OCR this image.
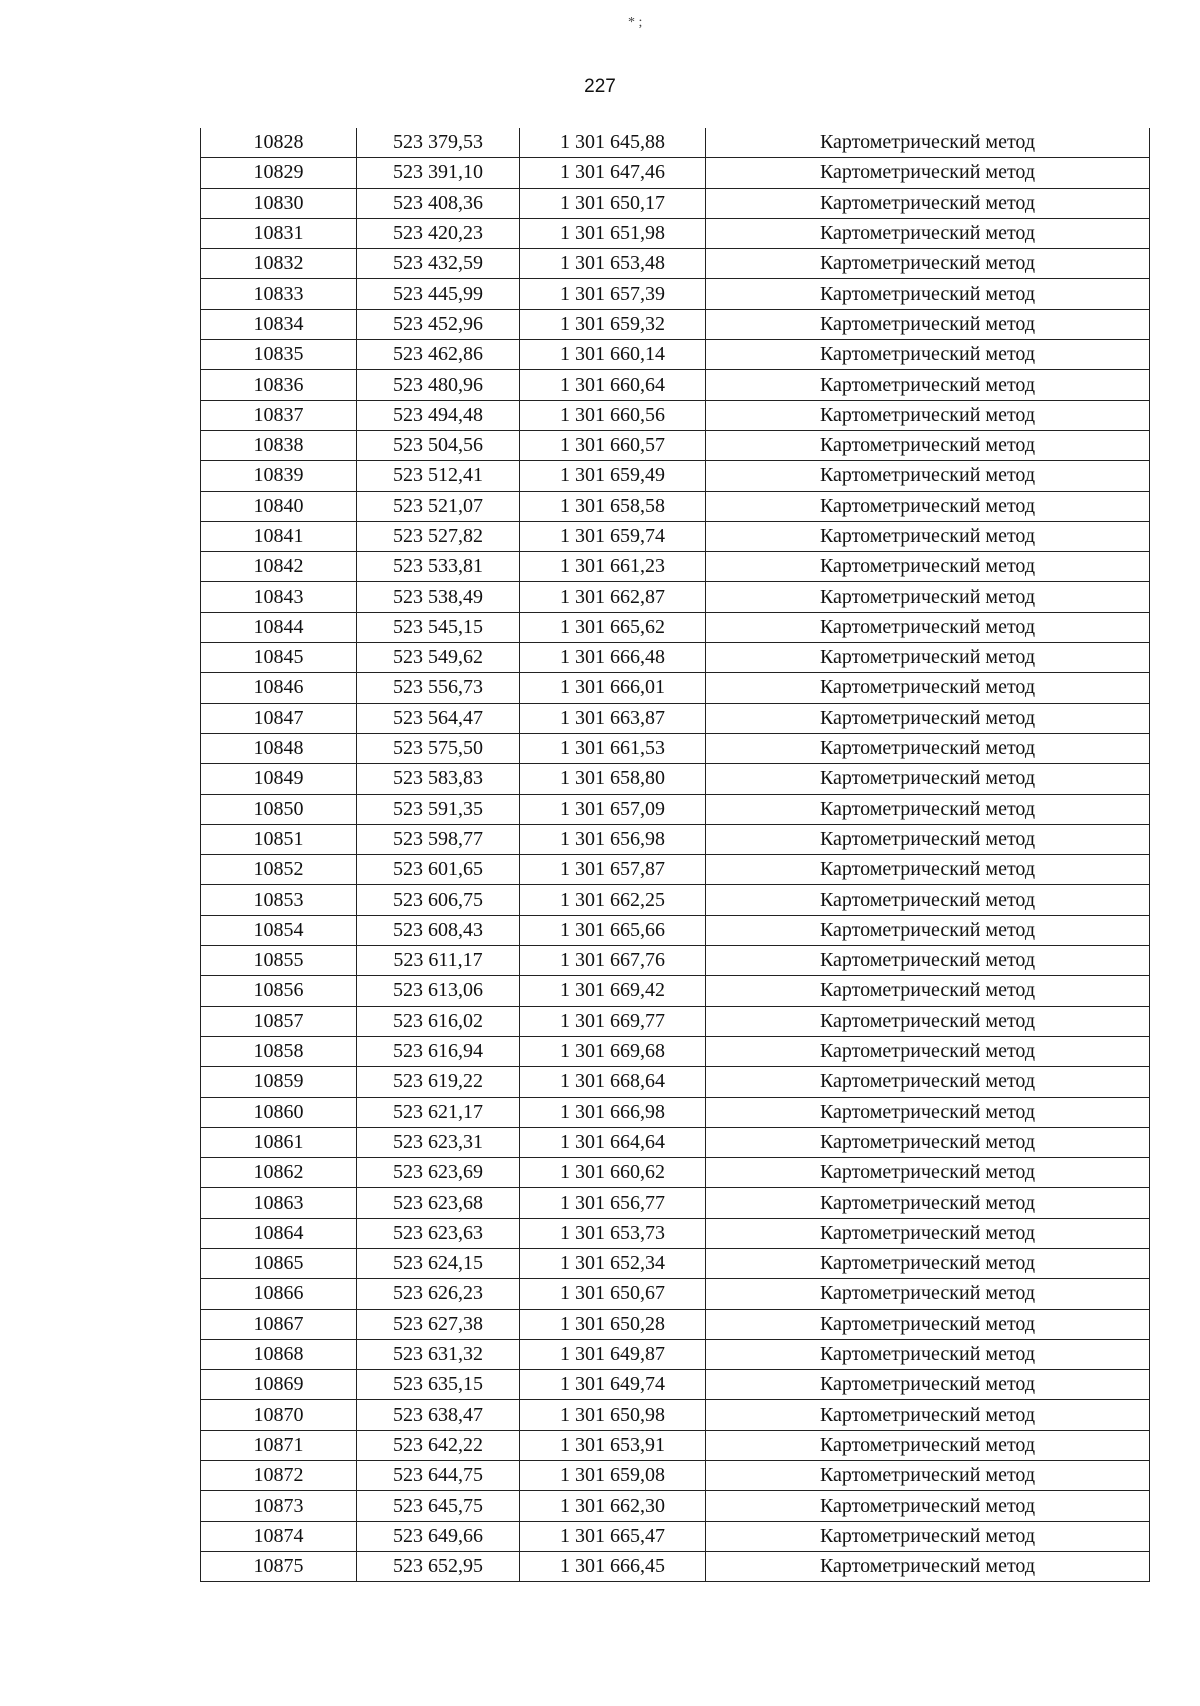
* ;
227
10828	523 379,53	1 301 645,88	Картометрический метод
10829	523 391,10	1 301 647,46	Картометрический метод
10830	523 408,36	1 301 650,17	Картометрический метод
10831	523 420,23	1 301 651,98	Картометрический метод
10832	523 432,59	1 301 653,48	Картометрический метод
10833	523 445,99	1 301 657,39	Картометрический метод
10834	523 452,96	1 301 659,32	Картометрический метод
10835	523 462,86	1 301 660,14	Картометрический метод
10836	523 480,96	1 301 660,64	Картометрический метод
10837	523 494,48	1 301 660,56	Картометрический метод
10838	523 504,56	1 301 660,57	Картометрический метод
10839	523 512,41	1 301 659,49	Картометрический метод
10840	523 521,07	1 301 658,58	Картометрический метод
10841	523 527,82	1 301 659,74	Картометрический метод
10842	523 533,81	1 301 661,23	Картометрический метод
10843	523 538,49	1 301 662,87	Картометрический метод
10844	523 545,15	1 301 665,62	Картометрический метод
10845	523 549,62	1 301 666,48	Картометрический метод
10846	523 556,73	1 301 666,01	Картометрический метод
10847	523 564,47	1 301 663,87	Картометрический метод
10848	523 575,50	1 301 661,53	Картометрический метод
10849	523 583,83	1 301 658,80	Картометрический метод
10850	523 591,35	1 301 657,09	Картометрический метод
10851	523 598,77	1 301 656,98	Картометрический метод
10852	523 601,65	1 301 657,87	Картометрический метод
10853	523 606,75	1 301 662,25	Картометрический метод
10854	523 608,43	1 301 665,66	Картометрический метод
10855	523 611,17	1 301 667,76	Картометрический метод
10856	523 613,06	1 301 669,42	Картометрический метод
10857	523 616,02	1 301 669,77	Картометрический метод
10858	523 616,94	1 301 669,68	Картометрический метод
10859	523 619,22	1 301 668,64	Картометрический метод
10860	523 621,17	1 301 666,98	Картометрический метод
10861	523 623,31	1 301 664,64	Картометрический метод
10862	523 623,69	1 301 660,62	Картометрический метод
10863	523 623,68	1 301 656,77	Картометрический метод
10864	523 623,63	1 301 653,73	Картометрический метод
10865	523 624,15	1 301 652,34	Картометрический метод
10866	523 626,23	1 301 650,67	Картометрический метод
10867	523 627,38	1 301 650,28	Картометрический метод
10868	523 631,32	1 301 649,87	Картометрический метод
10869	523 635,15	1 301 649,74	Картометрический метод
10870	523 638,47	1 301 650,98	Картометрический метод
10871	523 642,22	1 301 653,91	Картометрический метод
10872	523 644,75	1 301 659,08	Картометрический метод
10873	523 645,75	1 301 662,30	Картометрический метод
10874	523 649,66	1 301 665,47	Картометрический метод
10875	523 652,95	1 301 666,45	Картометрический метод
